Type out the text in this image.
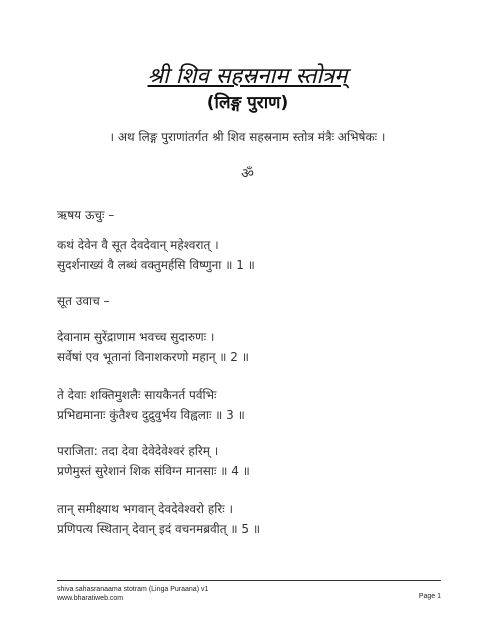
श्री शिव सहस्रनाम स्तोत्रम्
(लिङ्ग पुराण)
। अथ लिङ्ग पुराणांतर्गत श्री शिव सहस्रनाम स्तोत्र मंत्रैः अभिषेकः ।
ॐ
ऋषय ऊचुः –
कथं देवेन वै सूत देवदेवान् महेश्वरात् ।
सुदर्शनाख्यं वै लब्धं वक्तुमर्हसि विष्णुना ॥ 1 ॥
सूत उवाच –
देवानाम सुरेंद्राणाम भवच्च सुदारुणः ।
सर्वेषां एव भूतानां विनाशकरणो महान् ॥ 2 ॥
ते देवाः शक्तिमुशलैः सायकैनर्त पर्वभिः
प्रभिद्यमानाः कुंतैश्च दुद्रुवुर्भय विह्वलाः ॥ 3 ॥
पराजिता: तदा देवा देवेदेवेश्वरं हरिम् ।
प्रणेमुस्तं सुरेशानं शिक संविग्न मानसाः ॥ 4 ॥
तान् समीक्ष्याथ भगवान् देवदेवेश्वरो हरिः ।
प्रणिपत्य स्थितान् देवान् इदं वचनमब्रवीत् ॥ 5 ॥
shiva sahasranaama stotram (Linga Puraana) v1
www.bharatiweb.com	Page 1
